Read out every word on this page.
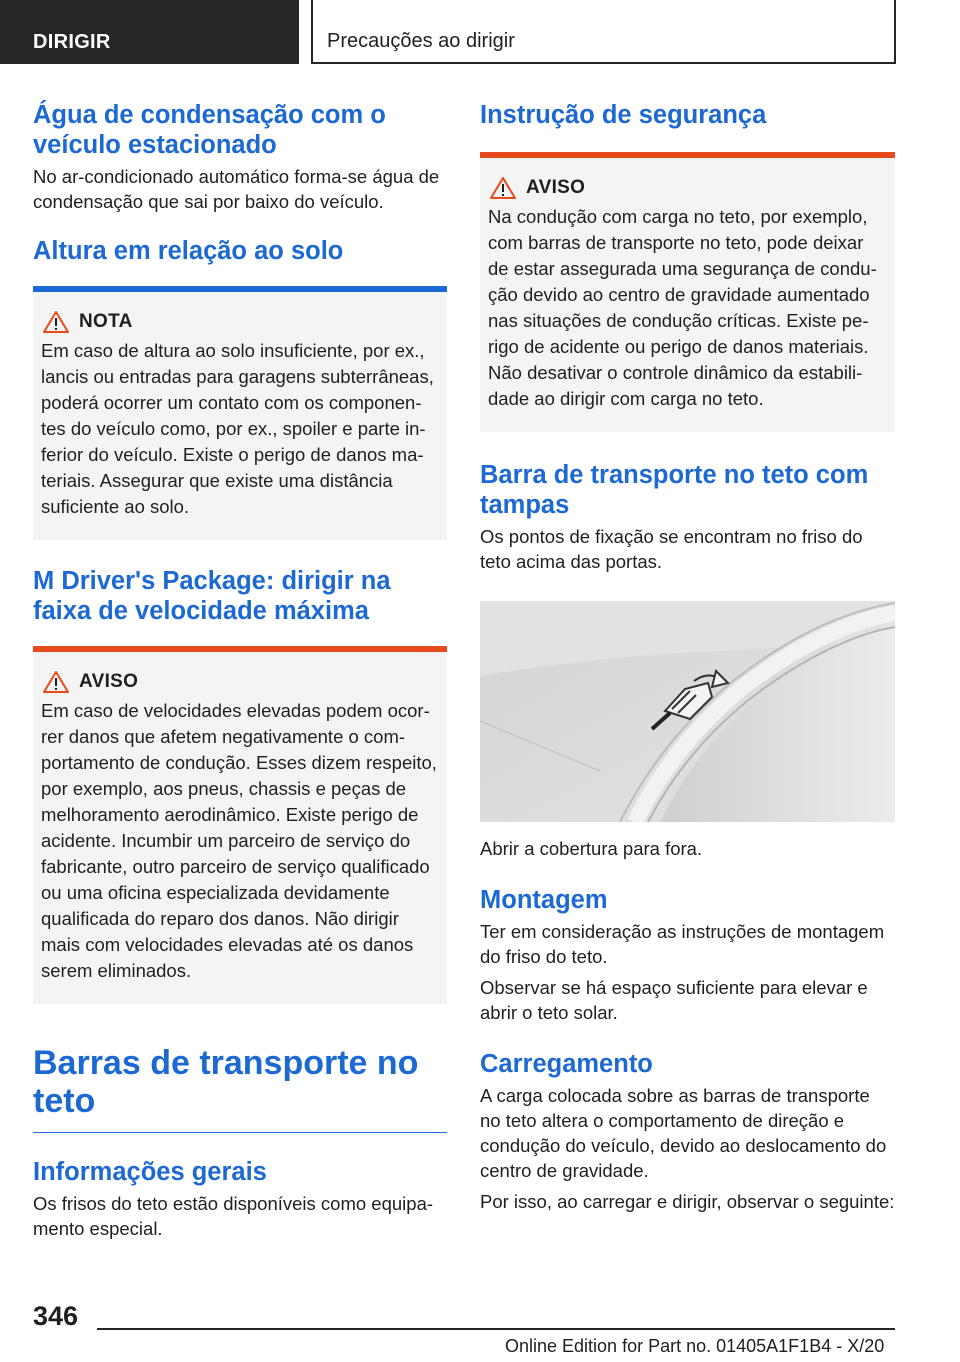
DIRIGIR	Precauções ao dirigir
Água de condensação com o veículo estacionado

No ar-condicionado automático forma-se água de condensação que sai por baixo do veículo.

Altura em relação ao solo
NOTA

Em caso de altura ao solo insuficiente, por ex., lancis ou entradas para garagens subterrâneas, poderá ocorrer um contato com os componentes do veículo como, por ex., spoiler e parte inferior do veículo. Existe o perigo de danos materiais. Assegurar que existe uma distância suficiente ao solo.

M Driver's Package: dirigir na faixa de velocidade máxima
AVISO

Em caso de velocidades elevadas podem ocorrer danos que afetem negativamente o comportamento de condução. Esses dizem respeito, por exemplo, aos pneus, chassis e peças de melhoramento aerodinâmico. Existe perigo de acidente. Incumbir um parceiro de serviço do fabricante, outro parceiro de serviço qualificado ou uma oficina especializada devidamente qualificada do reparo dos danos. Não dirigir mais com velocidades elevadas até os danos serem eliminados.

Barras de transporte no teto
Informações gerais

Os frisos do teto estão disponíveis como equipamento especial.

Instrução de segurança
AVISO

Na condução com carga no teto, por exemplo, com barras de transporte no teto, pode deixar de estar assegurada uma segurança de condução devido ao centro de gravidade aumentado nas situações de condução críticas. Existe perigo de acidente ou perigo de danos materiais. Não desativar o controle dinâmico da estabilidade ao dirigir com carga no teto.

Barra de transporte no teto com tampas

Os pontos de fixação se encontram no friso do teto acima das portas.

Abrir a cobertura para fora.

Montagem

Ter em consideração as instruções de montagem do friso do teto.

Observar se há espaço suficiente para elevar e abrir o teto solar.

Carregamento

A carga colocada sobre as barras de transporte no teto altera o comportamento de direção e condução do veículo, devido ao deslocamento do centro de gravidade.

Por isso, ao carregar e dirigir, observar o seguinte:

346
Online Edition for Part no. 01405A1F1B4 - X/20
